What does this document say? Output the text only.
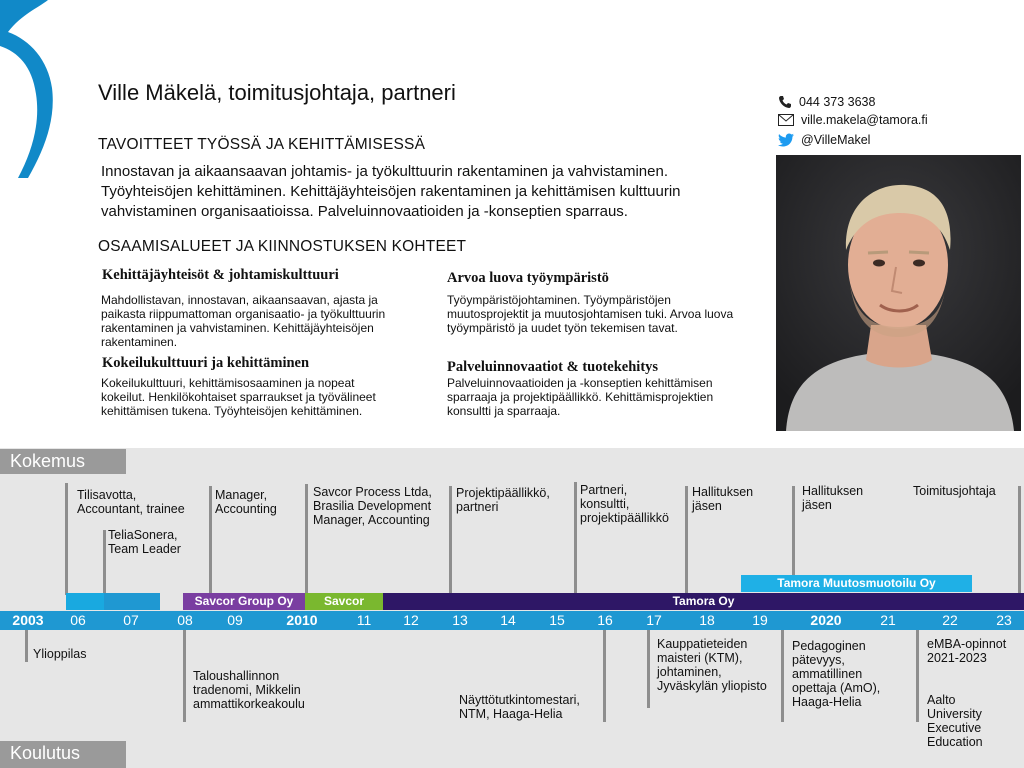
Ville Mäkelä, toimitusjohtaja, partneri	044 373 3638
ville.makela@tamora.fi
@VilleMakel
TAVOITTEET TYÖSSÄ JA KEHITTÄMISESSÄ
Innostavan ja aikaansaavan johtamis- ja työkulttuurin rakentaminen ja vahvistaminen. Työyhteisöjen kehittäminen. Kehittäjäyhteisöjen rakentaminen ja kehittämisen kulttuurin vahvistaminen organisaatioissa. Palveluinnovaatioiden ja -konseptien sparraus.
OSAAMISALUEET JA KIINNOSTUKSEN KOHTEET
Kehittäjäyhteisöt & johtamiskulttuuri
Mahdollistavan, innostavan, aikaansaavan, ajasta ja paikasta riippumattoman organisaatio- ja työkulttuurin rakentaminen ja vahvistaminen. Kehittäjäyhteisöjen rakentaminen.
Arvoa luova työympäristö
Työympäristöjohtaminen. Työympäristöjen muutosprojektit ja muutosjohtamisen tuki. Arvoa luova työympäristö ja uudet työn tekemisen tavat.
Kokeilukulttuuri ja kehittäminen
Kokeilukulttuuri, kehittämisosaaminen ja nopeat kokeilut. Henkilökohtaiset sparraukset ja työvälineet kehittämisen tukena. Työyhteisöjen kehittäminen.
Palveluinnovaatiot & tuotekehitys
Palveluinnovaatioiden ja -konseptien kehittämisen sparraaja ja projektipäällikkö. Kehittämisprojektien konsultti ja sparraaja.
Kokemus
Koulutus
Tilisavotta, Accountant, trainee
TeliaSonera, Team Leader
Manager, Accounting
Savcor Process Ltda, Brasilia Development Manager, Accounting
Projektipäällikkö, partneri
Partneri, konsultti, projektipäällikkö
Hallituksen jäsen
Hallituksen jäsen
Toimitusjohtaja
Savcor Group Oy	Savcor	Tamora Oy
Tamora Muutosmuotoilu Oy
2003 06	07	08 09	2010	11 12 13 14 15 16 17	18	19	2020	21	22	23
Ylioppilas
Taloushallinnon tradenomi, Mikkelin ammattikorkeakoulu	Näyttötutkintomestari, NTM, Haaga-Helia
Kauppatieteiden maisteri (KTM), johtaminen, Jyväskylän yliopisto
Pedagoginen pätevyys, ammatillinen opettaja (AmO), Haaga-Helia
eMBA-opinnot 2021-2023
Aalto University Executive Education
